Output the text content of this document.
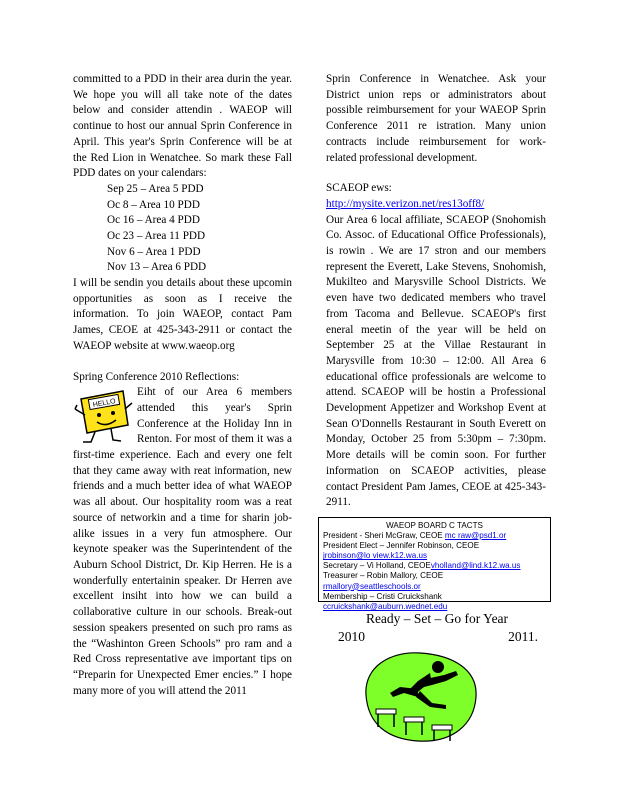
committed to a PDD in their area durin the year. We hope you will all take note of the dates below and consider attendin . WAEOP will continue to host our annual Sprin Conference in April. This year's Sprin Conference will be at the Red Lion in Wenatchee. So mark these Fall PDD dates on your calendars:

Sep 25 – Area 5 PDD
Oc 8 – Area 10 PDD
Oc 16 – Area 4 PDD
Oc 23 – Area 11 PDD
Nov 6 – Area 1 PDD
Nov 13 – Area 6 PDD

I will be sendin you details about these upcomin opportunities as soon as I receive the information. To join WAEOP, contact Pam James, CEOE at 425-343-2911 or contact the WAEOP website at www.waeop.org

Spring Conference 2010 Reflections:

HELLO

Eiht of our Area 6 members attended this year's Sprin Conference at the Holiday Inn in Renton. For most of them it was a first-time experience. Each and every one felt that they came away with reat information, new friends and a much better idea of what WAEOP was all about. Our hospitality room was a reat source of networkin and a time for sharin job-alike issues in a very fun atmosphere. Our keynote speaker was the Superintendent of the Auburn School District, Dr. Kip Herren. He is a wonderfully entertainin speaker. Dr Herren ave excellent insiht into how we can build a collaborative culture in our schools. Break-out session speakers presented on such pro rams as the “Washinton Green Schools” pro ram and a Red Cross representative ave important tips on “Preparin for Unexpected Emer encies.” I hope many more of you will attend the 2011

Sprin Conference in Wenatchee. Ask your District union reps or administrators about possible reimbursement for your WAEOP Sprin Conference 2011 re istration. Many union contracts include reimbursement for work-related professional development.

SCAEOP ews:

http://mysite.verizon.net/res13off8/

Our Area 6 local affiliate, SCAEOP (Snohomish Co. Assoc. of Educational Office Professionals), is rowin . We are 17 stron and our members represent the Everett, Lake Stevens, Snohomish, Mukilteo and Marysville School Districts. We even have two dedicated members who travel from Tacoma and Bellevue. SCAEOP's first eneral meetin of the year will be held on September 25 at the Villae Restaurant in Marysville from 10:30 – 12:00. All Area 6 educational office professionals are welcome to attend. SCAEOP will be hostin a Professional Development Appetizer and Workshop Event at Sean O'Donnells Restaurant in South Everett on Monday, October 25 from 5:30pm – 7:30pm. More details will be comin soon. For further information on SCAEOP activities, please contact President Pam James, CEOE at 425-343-2911.

WAEOP BOARD C TACTS
President - Sheri McGraw, CEOE mc raw@psd1.or
President Elect – Jennifer Robinson, CEOE
jrobinson@lo view.k12.wa.us
Secretary – Vi Holland, CEOEvholland@lind.k12.wa.us
Treasurer – Robin Mallory, CEOE
rmallory@seattleschools.or
Membership – Cristi Cruickshank
ccruickshank@auburn.wednet.edu
Ready – Set – Go for Year
2010	2011.
